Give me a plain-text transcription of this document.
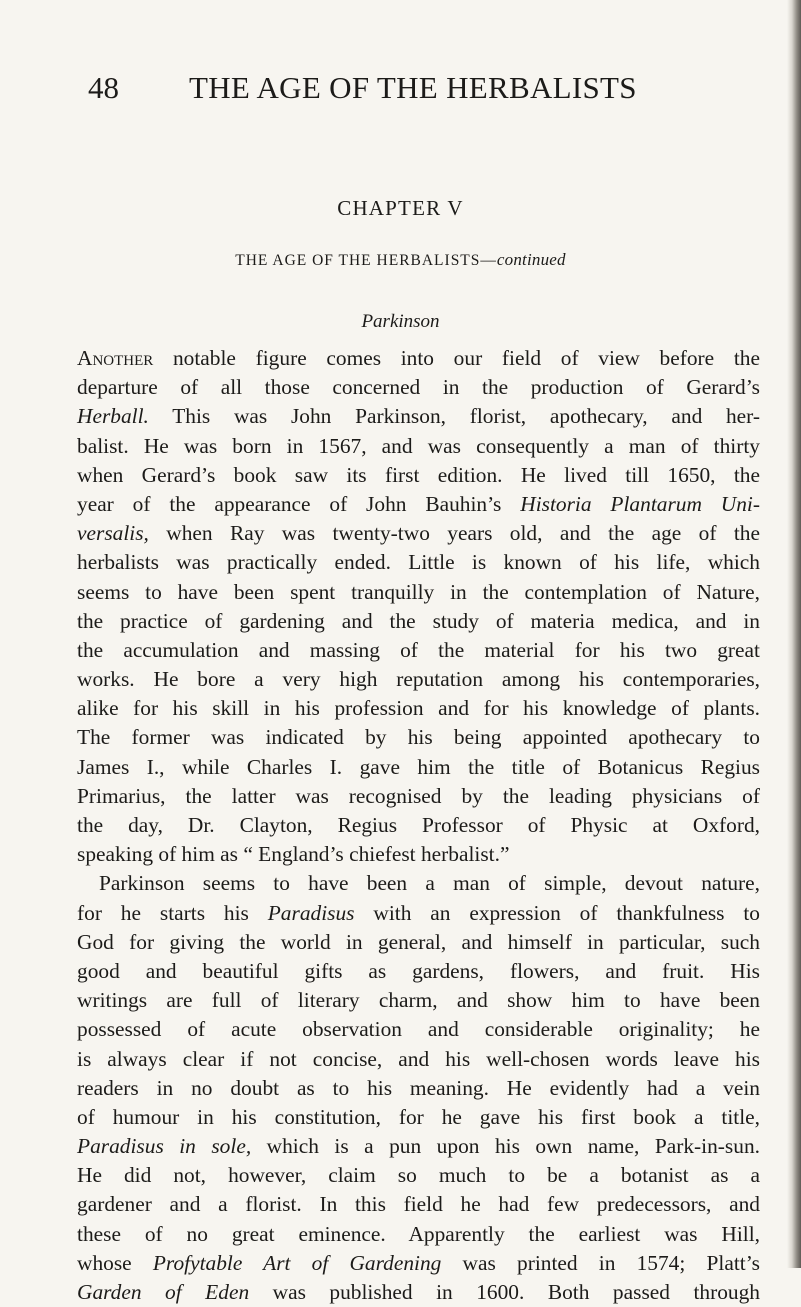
48 THE AGE OF THE HERBALISTS
CHAPTER V
THE AGE OF THE HERBALISTS—continued
Parkinson
Another notable figure comes into our field of view before the
departure of all those concerned in the production of Gerard’s
Herball. This was John Parkinson, florist, apothecary, and her-
balist. He was born in 1567, and was consequently a man of thirty
when Gerard’s book saw its first edition. He lived till 1650, the
year of the appearance of John Bauhin’s Historia Plantarum Uni-
versalis, when Ray was twenty-two years old, and the age of the
herbalists was practically ended. Little is known of his life, which
seems to have been spent tranquilly in the contemplation of Nature,
the practice of gardening and the study of materia medica, and in
the accumulation and massing of the material for his two great
works. He bore a very high reputation among his contemporaries,
alike for his skill in his profession and for his knowledge of plants.
The former was indicated by his being appointed apothecary to
James I., while Charles I. gave him the title of Botanicus Regius
Primarius, the latter was recognised by the leading physicians of
the day, Dr. Clayton, Regius Professor of Physic at Oxford,
speaking of him as “ England’s chiefest herbalist.”
Parkinson seems to have been a man of simple, devout nature,
for he starts his Paradisus with an expression of thankfulness to
God for giving the world in general, and himself in particular, such
good and beautiful gifts as gardens, flowers, and fruit. His
writings are full of literary charm, and show him to have been
possessed of acute observation and considerable originality; he
is always clear if not concise, and his well-chosen words leave his
readers in no doubt as to his meaning. He evidently had a vein
of humour in his constitution, for he gave his first book a title,
Paradisus in sole, which is a pun upon his own name, Park-in-sun.
He did not, however, claim so much to be a botanist as a
gardener and a florist. In this field he had few predecessors, and
these of no great eminence. Apparently the earliest was Hill,
whose Profytable Art of Gardening was printed in 1574; Platt’s
Garden of Eden was published in 1600. Both passed through
